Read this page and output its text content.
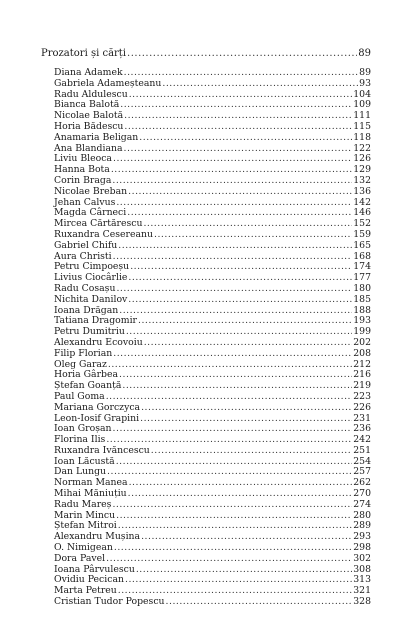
Prozatori și cărți .....	89
Diana Adamek .....	89
Gabriela Adameșteanu .....	93
Radu Aldulescu .....	104
Bianca Balotă .....	109
Nicolae Balotă .....	111
Horia Bădescu .....	115
Anamaria Beligan .....	118
Ana Blandiana .....	122
Liviu Bleoca .....	126
Hanna Bota .....	129
Corin Braga .....	132
Nicolae Breban .....	136
Jehan Calvus .....	142
Magda Cârneci .....	146
Mircea Cărtărescu .....	152
Ruxandra Cesereanu .....	159
Gabriel Chifu .....	165
Aura Christi .....	168
Petru Cimpoeșu .....	174
Livius Ciocârlie .....	177
Radu Cosașu .....	180
Nichita Danilov .....	185
Ioana Drăgan .....	188
Tatiana Dragomir .....	193
Petru Dumitriu .....	199
Alexandru Ecovoiu .....	202
Filip Florian .....	208
Oleg Garaz .....	212
Horia Gârbea .....	216
Ștefan Goanță .....	219
Paul Goma .....	223
Mariana Gorczyca .....	226
Leon-Iosif Grapini .....	231
Ioan Groșan .....	236
Florina Ilis .....	242
Ruxandra Ivăncescu .....	251
Ioan Lăcustă .....	254
Dan Lungu .....	257
Norman Manea .....	262
Mihai Măniuțiu .....	270
Radu Mareș .....	274
Marin Mincu .....	280
Ștefan Mitroi .....	289
Alexandru Mușina .....	293
O. Nimigean .....	298
Dora Pavel .....	302
Ioana Pârvulescu .....	308
Ovidiu Pecican .....	313
Marta Petreu .....	321
Cristian Tudor Popescu .....	328
